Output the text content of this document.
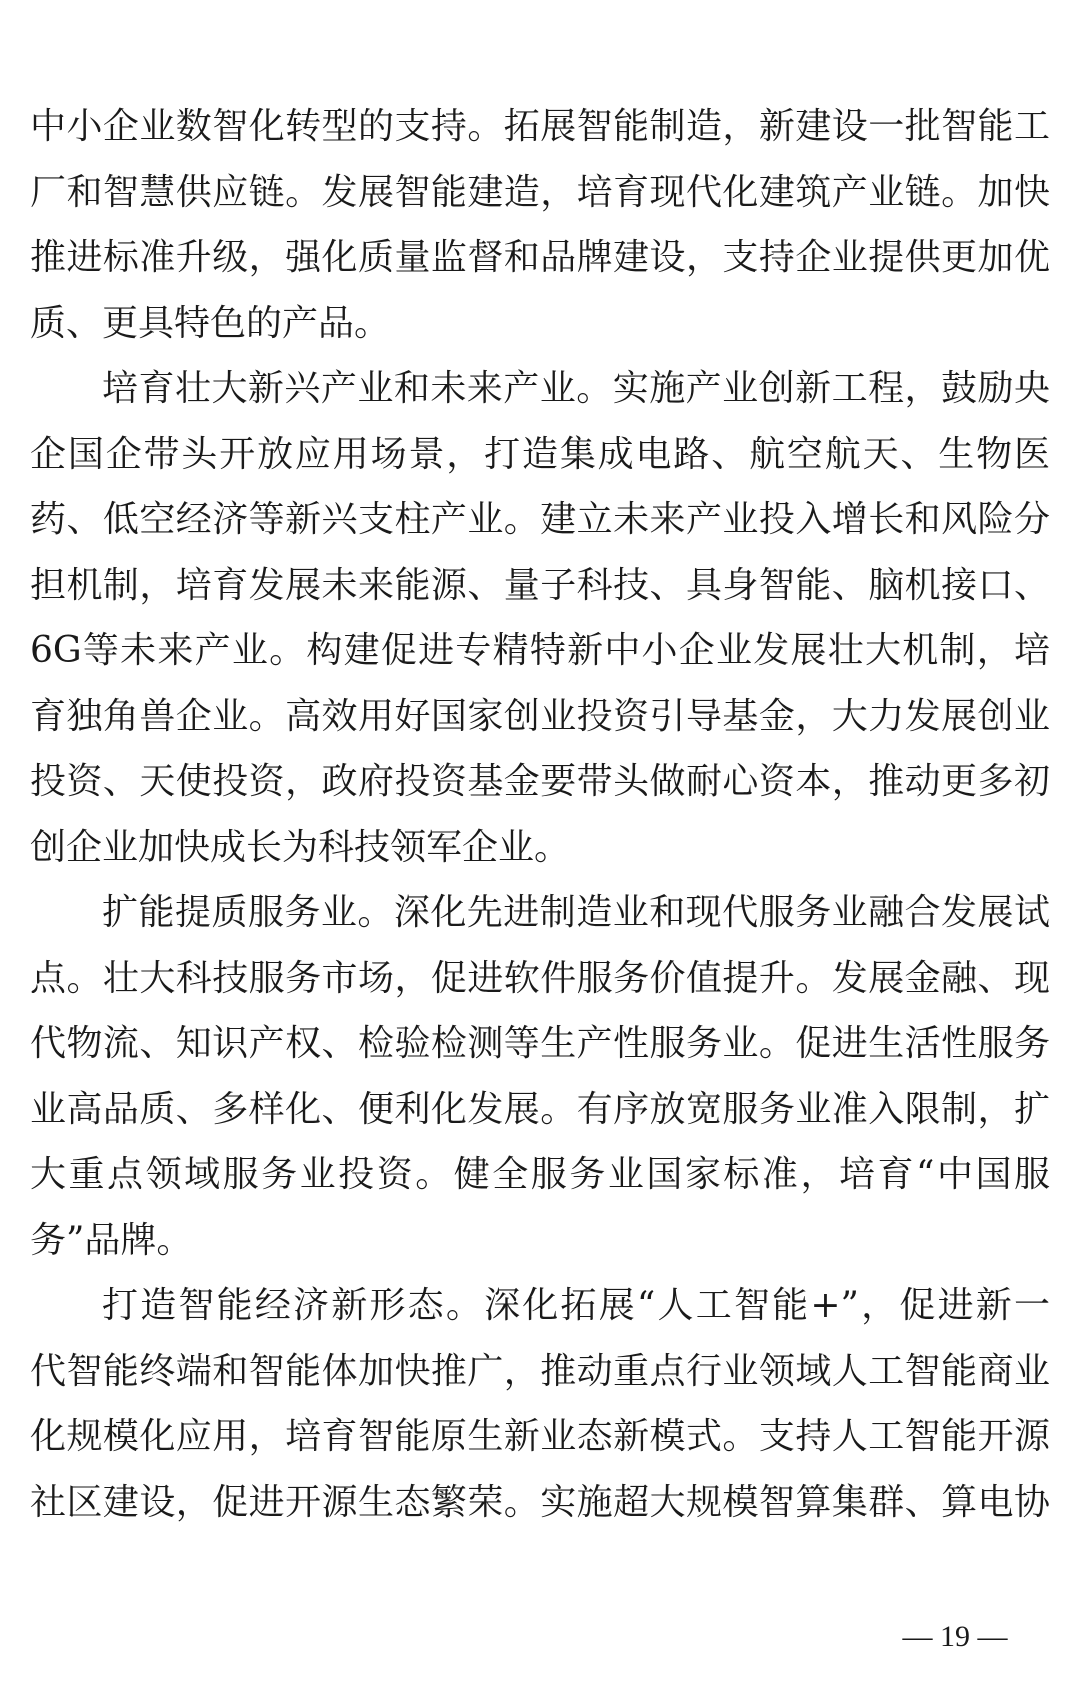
中小企业数智化转型的支持。拓展智能制造，新建设一批智能工
厂和智慧供应链。发展智能建造，培育现代化建筑产业链。加快
推进标准升级，强化质量监督和品牌建设，支持企业提供更加优
质、更具特色的产品。
培育壮大新兴产业和未来产业。实施产业创新工程，鼓励央
企国企带头开放应用场景，打造集成电路、航空航天、生物医
药、低空经济等新兴支柱产业。建立未来产业投入增长和风险分
担机制，培育发展未来能源、量子科技、具身智能、脑机接口、
6G等未来产业。构建促进专精特新中小企业发展壮大机制，培
育独角兽企业。高效用好国家创业投资引导基金，大力发展创业
投资、天使投资，政府投资基金要带头做耐心资本，推动更多初
创企业加快成长为科技领军企业。
扩能提质服务业。深化先进制造业和现代服务业融合发展试
点。壮大科技服务市场，促进软件服务价值提升。发展金融、现
代物流、知识产权、检验检测等生产性服务业。促进生活性服务
业高品质、多样化、便利化发展。有序放宽服务业准入限制，扩
大重点领域服务业投资。健全服务业国家标准，培育“中国服
务”品牌。
打造智能经济新形态。深化拓展“人工智能+”，促进新一
代智能终端和智能体加快推广，推动重点行业领域人工智能商业
化规模化应用，培育智能原生新业态新模式。支持人工智能开源
社区建设，促进开源生态繁荣。实施超大规模智算集群、算电协
— 19 —
